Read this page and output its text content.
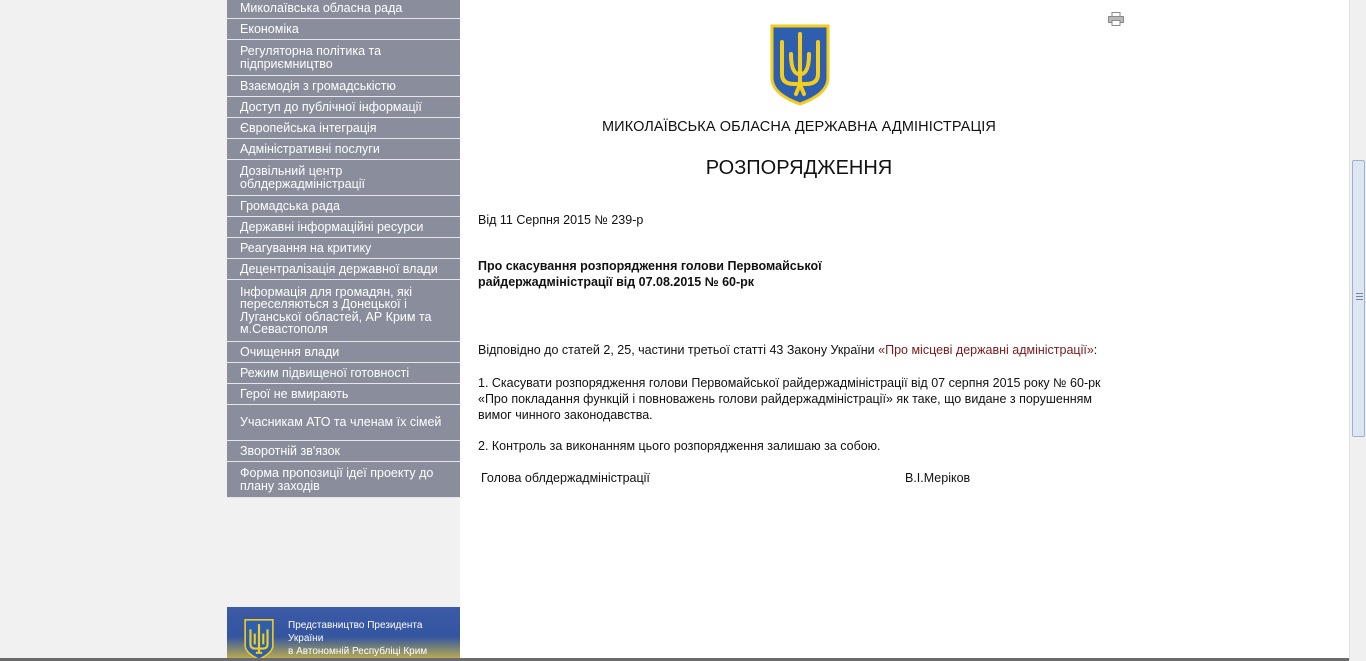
Миколаївська обласна рада
Економіка
Регуляторна політика та підприємництво
Взаємодія з громадськістю
Доступ до публічної інформації
Європейська інтеграція
Адміністративні послуги
Дозвільний центр облдержадміністрації
Громадська рада
Державні інформаційні ресурси
Реагування на критику
Децентралізація державної влади
Інформація для громадян, які переселяються з Донецької і Луганської областей, АР Крим та м.Севастополя
Очищення влади
Режим підвищеної готовності
Герої не вмирають
Учасникам АТО та членам їх сімей
Зворотній зв'язок
Форма пропозиції ідеї проекту до плану заходів
Представництво Президента України
в Автономній Республіці Крим
МИКОЛАЇВСЬКА ОБЛАСНА ДЕРЖАВНА АДМІНІСТРАЦІЯ
РОЗПОРЯДЖЕННЯ
Від 11 Серпня 2015 № 239-р
Про скасування розпорядження голови Первомайської райдержадміністрації від 07.08.2015 № 60-рк
Відповідно до статей 2, 25, частини третьої статті 43 Закону України «Про місцеві державні адміністрації»:
1. Скасувати розпорядження голови Первомайської райдержадміністрації від 07 серпня 2015 року № 60-рк «Про покладання функцій і повноважень голови райдержадміністрації» як таке, що видане з порушенням вимог чинного законодавства.
2. Контроль за виконанням цього розпорядження залишаю за собою.
Голова облдержадміністрації	В.І.Меріков
